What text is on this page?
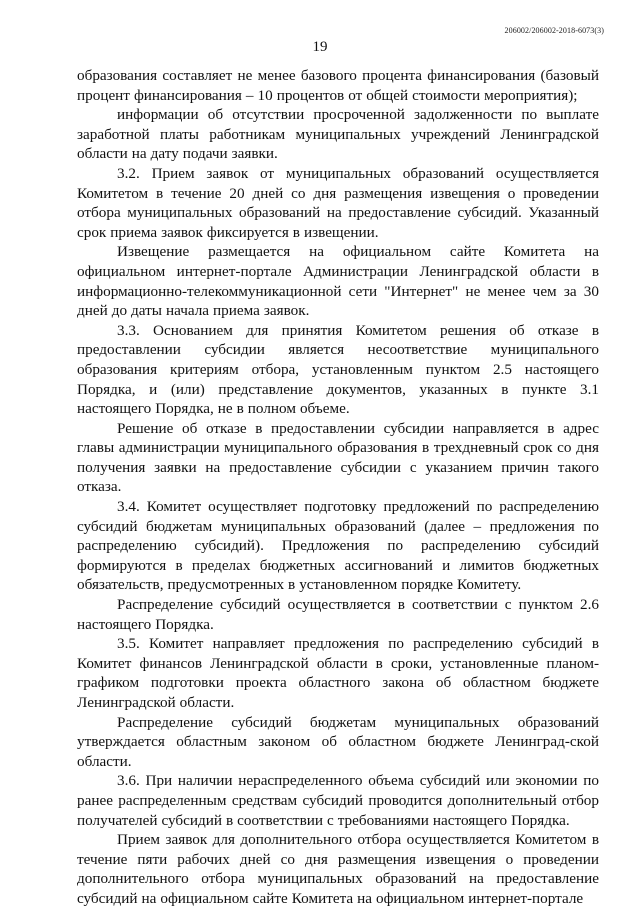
206002/206002-2018-6073(3)
19

образования составляет не менее базового процента финансирования (базовый процент финансирования – 10 процентов от общей стоимости мероприятия);

информации об отсутствии просроченной задолженности по выплате заработной платы работникам муниципальных учреждений Ленинградской области на дату подачи заявки.

3.2. Прием заявок от муниципальных образований осуществляется Комитетом в течение 20 дней со дня размещения извещения о проведении отбора муниципальных образований на предоставление субсидий. Указанный срок приема заявок фиксируется в извещении.

Извещение размещается на официальном сайте Комитета на официальном интернет-портале Администрации Ленинградской области в информационно-телекоммуникационной сети "Интернет" не менее чем за 30 дней до даты начала приема заявок.

3.3. Основанием для принятия Комитетом решения об отказе в предоставлении субсидии является несоответствие муниципального образования критериям отбора, установленным пунктом 2.5 настоящего Порядка, и (или) представление документов, указанных в пункте 3.1 настоящего Порядка, не в полном объеме.

Решение об отказе в предоставлении субсидии направляется в адрес главы администрации муниципального образования в трехдневный срок со дня получения заявки на предоставление субсидии с указанием причин такого отказа.

3.4. Комитет осуществляет подготовку предложений по распределению субсидий бюджетам муниципальных образований (далее – предложения по распределению субсидий). Предложения по распределению субсидий формируются в пределах бюджетных ассигнований и лимитов бюджетных обязательств, предусмотренных в установленном порядке Комитету.

Распределение субсидий осуществляется в соответствии с пунктом 2.6 настоящего Порядка.

3.5. Комитет направляет предложения по распределению субсидий в Комитет финансов Ленинградской области в сроки, установленные планом-графиком подготовки проекта областного закона об областном бюджете Ленинградской области.

Распределение субсидий бюджетам муниципальных образований утверждается областным законом об областном бюджете Ленинград-ской области.

3.6. При наличии нераспределенного объема субсидий или экономии по ранее распределенным средствам субсидий проводится дополнительный отбор получателей субсидий в соответствии с требованиями настоящего Порядка.

Прием заявок для дополнительного отбора осуществляется Комитетом в течение пяти рабочих дней со дня размещения извещения о проведении дополнительного отбора муниципальных образований на предоставление субсидий на официальном сайте Комитета на официальном интернет-портале
